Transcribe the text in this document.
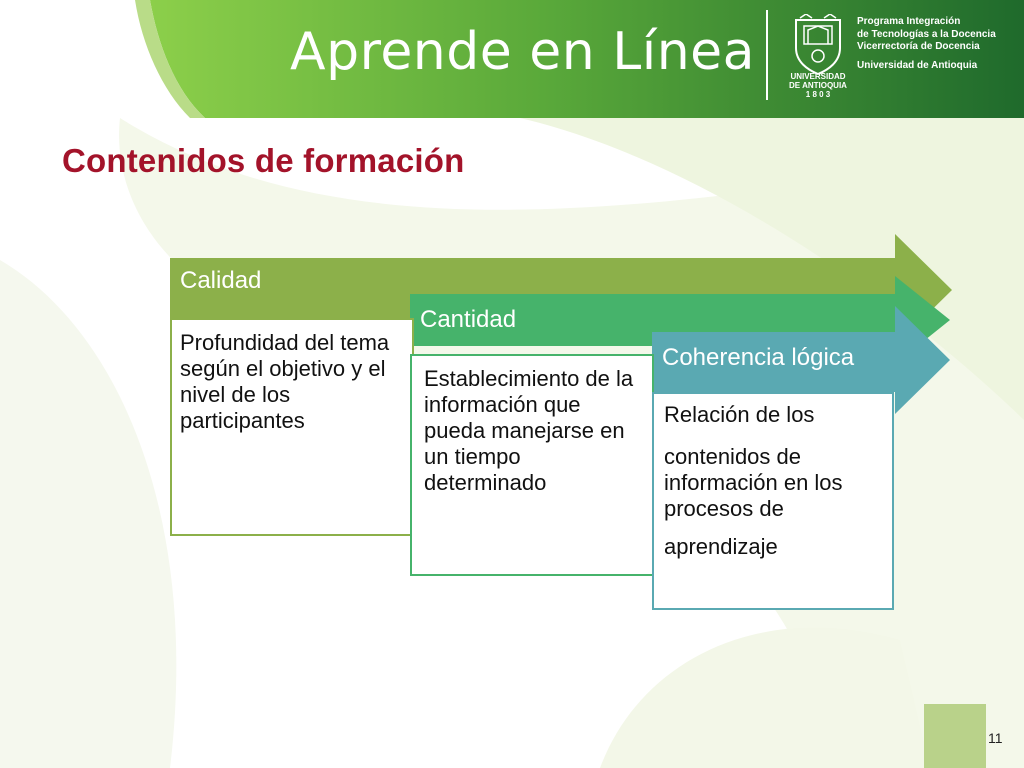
Aprende en Línea	UNIVERSIDAD
DE ANTIOQUIA
1 8 0 3
Programa Integración
de Tecnologías a la Docencia
Vicerrectoría de Docencia
Universidad de Antioquia
Contenidos de formación
Calidad
Cantidad
Coherencia lógica
Profundidad del tema según el objetivo y el nivel de los participantes
Establecimiento de la información que pueda manejarse en un tiempo determinado

Relación de los

contenidos de información en los procesos de

aprendizaje

11
